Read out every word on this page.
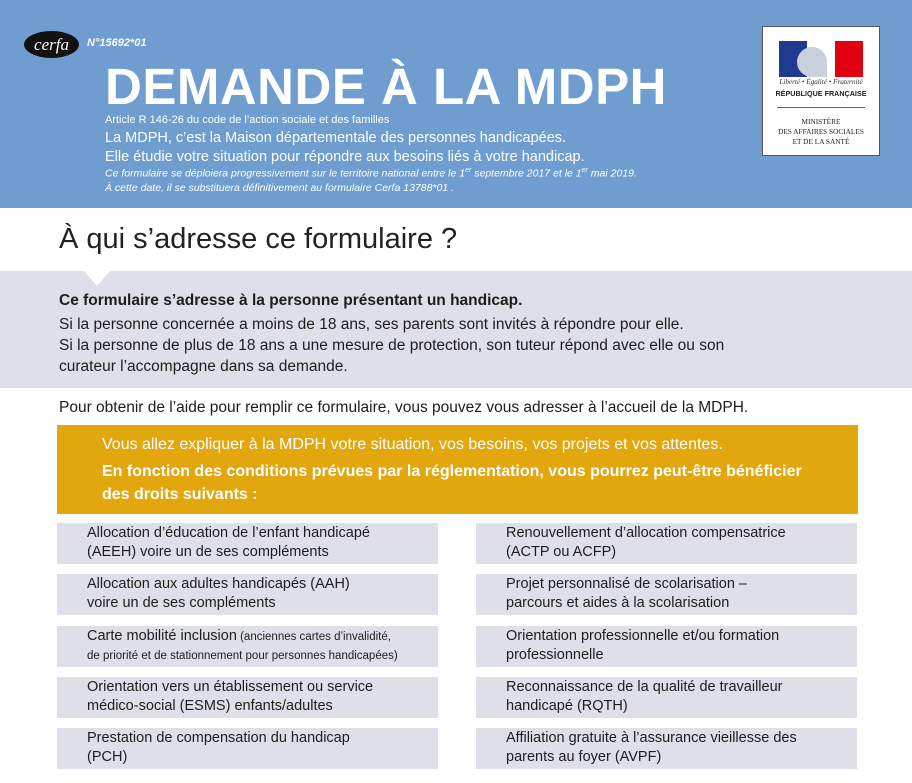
cerfa	N°15692*01
DEMANDE À LA MDPH
Article R 146-26 du code de l’action sociale et des familles
La MDPH, c’est la Maison départementale des personnes handicapées.
Elle étudie votre situation pour répondre aux besoins liés à votre handicap.
Ce formulaire se déploiera progressivement sur le territoire national entre le 1er septembre 2017 et le 1er mai 2019.
À cette date, il se substituera définitivement au formulaire Cerfa 13788*01 .
Liberté • Égalité • Fraternité
RÉPUBLIQUE FRANÇAISE
MINISTÈRE
DES AFFAIRES SOCIALES
ET DE LA SANTÉ
À qui s’adresse ce formulaire ?
Ce formulaire s’adresse à la personne présentant un handicap.
Si la personne concernée a moins de 18 ans, ses parents sont invités à répondre pour elle.
Si la personne de plus de 18 ans a une mesure de protection, son tuteur répond avec elle ou son
curateur l’accompagne dans sa demande.
Pour obtenir de l’aide pour remplir ce formulaire, vous pouvez vous adresser à l’accueil de la MDPH.
Vous allez expliquer à la MDPH votre situation, vos besoins, vos projets et vos attentes.
En fonction des conditions prévues par la réglementation, vous pourrez peut-être bénéficier des droits suivants :
Allocation d’éducation de l’enfant handicapé
(AEEH) voire un de ses compléments
Allocation aux adultes handicapés (AAH)
voire un de ses compléments
Carte mobilité inclusion (anciennes cartes d’invalidité,
de priorité et de stationnement pour personnes handicapées)
Orientation vers un établissement ou service
médico-social (ESMS) enfants/adultes
Prestation de compensation du handicap
(PCH)
Renouvellement d’allocation compensatrice
(ACTP ou ACFP)
Projet personnalisé de scolarisation –
parcours et aides à la scolarisation
Orientation professionnelle et/ou formation
professionnelle
Reconnaissance de la qualité de travailleur
handicapé (RQTH)
Affiliation gratuite à l’assurance vieillesse des
parents au foyer (AVPF)
